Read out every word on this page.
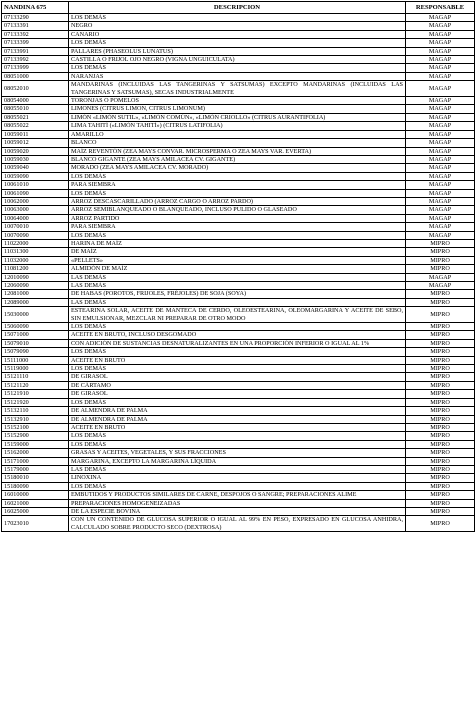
NANDINA 675	DESCRIPCION	RESPONSABLE
07133290	LOS DEMÁS	MAGAP
07133391	NEGRO	MAGAP
07133392	CANARIO	MAGAP
07133399	LOS DEMÁS	MAGAP
07133991	PALLARES (PHASEOLUS LUNATUS)	MAGAP
07133992	CASTILLA O FRIJOL OJO NEGRO (VIGNA UNGUICULATA)	MAGAP
07133999	LOS DEMÁS	MAGAP
08051000	NARANJAS	MAGAP
08052010	MANDARINAS (INCLUIDAS LAS TANGERINAS Y SATSUMAS) EXCEPTO MANDARINAS (INCLUIDAS LAS TANGERINAS Y SATSUMAS), SECAS INDUSTRIALMENTE	MAGAP
08054000	TORONJAS O POMELOS	MAGAP
08055010	LIMONES (CITRUS LIMON, CITRUS LIMONUM)	MAGAP
08055021	LIMÓN «LIMÓN SUTIL», «LIMÓN COMÚN», «LIMÓN CRIOLLO» (CITRUS AURANTIFOLIA)	MAGAP
08055022	LIMA TAHITÍ («LIMÓN TAHITÍ») (CITRUS LATIFOLIA)	MAGAP
10059011	AMARILLO	MAGAP
10059012	BLANCO	MAGAP
10059020	MAÍZ REVENTÓN (ZEA MAYS CONVAR. MICROSPERMA O ZEA MAYS VAR. EVERTA)	MAGAP
10059030	BLANCO GIGANTE (ZEA MAYS AMILACEA CV. GIGANTE)	MAGAP
10059040	MORADO (ZEA MAYS AMILACEA CV. MORADO)	MAGAP
10059090	LOS DEMÁS	MAGAP
10061010	PARA SIEMBRA	MAGAP
10061090	LOS DEMÁS	MAGAP
10062000	ARROZ DESCASCARILLADO (ARROZ CARGO O ARROZ PARDO)	MAGAP
10063000	ARROZ SEMIBLANQUEADO O BLANQUEADO, INCLUSO PULIDO O GLASEADO	MAGAP
10064000	ARROZ PARTIDO	MAGAP
10070010	PARA SIEMBRA	MAGAP
10070090	LOS DEMÁS	MAGAP
11022000	HARINA DE MAÍZ	MIPRO
11031300	DE MAÍZ	MIPRO
11032000	«PELLETS»	MIPRO
11081200	ALMIDÓN DE MAÍZ	MIPRO
12010090	LAS DEMÁS	MAGAP
12060090	LAS DEMÁS	MAGAP
12081000	DE HABAS (POROTOS, FRIJOLES, FRÉJOLES) DE SOJA (SOYA)	MIPRO
12089000	LAS DEMÁS	MIPRO
15030000	ESTEARINA SOLAR, ACEITE DE MANTECA DE CERDO, OLEOESTEARINA, OLEOMARGARINA Y ACEITE DE SEBO, SIN EMULSIONAR, MEZCLAR NI PREPARAR DE OTRO MODO	MIPRO
15060090	LOS DEMÁS	MIPRO
15071000	ACEITE EN BRUTO, INCLUSO DESGOMADO	MIPRO
15079010	CON ADICIÓN DE SUSTANCIAS DESNATURALIZANTES EN UNA PROPORCIÓN INFERIOR O IGUAL AL 1%	MIPRO
15079090	LOS DEMÁS	MIPRO
15111000	ACEITE EN BRUTO	MIPRO
15119000	LOS DEMÁS	MIPRO
15121110	DE GIRASOL	MIPRO
15121120	DE CÁRTAMO	MIPRO
15121910	DE GIRASOL	MIPRO
15121920	LOS DEMÁS	MIPRO
15132110	DE ALMENDRA DE PALMA	MIPRO
15132910	DE ALMENDRA DE PALMA	MIPRO
15152100	ACEITE EN BRUTO	MIPRO
15152900	LOS DEMÁS	MIPRO
15159000	LOS DEMÁS	MIPRO
15162000	GRASAS Y ACEITES, VEGETALES, Y SUS FRACCIONES	MIPRO
15171000	MARGARINA, EXCEPTO LA MARGARINA LÍQUIDA	MIPRO
15179000	LAS DEMÁS	MIPRO
15180010	LINOXINA	MIPRO
15180090	LOS DEMÁS	MIPRO
16010000	EMBUTIDOS Y PRODUCTOS SIMILARES DE CARNE, DESPOJOS O SANGRE; PREPARACIONES ALIME	MIPRO
16021000	PREPARACIONES HOMOGENEIZADAS	MIPRO
16025000	DE LA ESPECIE BOVINA	MIPRO
17023010	CON UN CONTENIDO DE GLUCOSA SUPERIOR O IGUAL AL 99% EN PESO, EXPRESADO EN GLUCOSA ANHIDRA, CALCULADO SOBRE PRODUCTO SECO (DEXTROSA)	MIPRO
